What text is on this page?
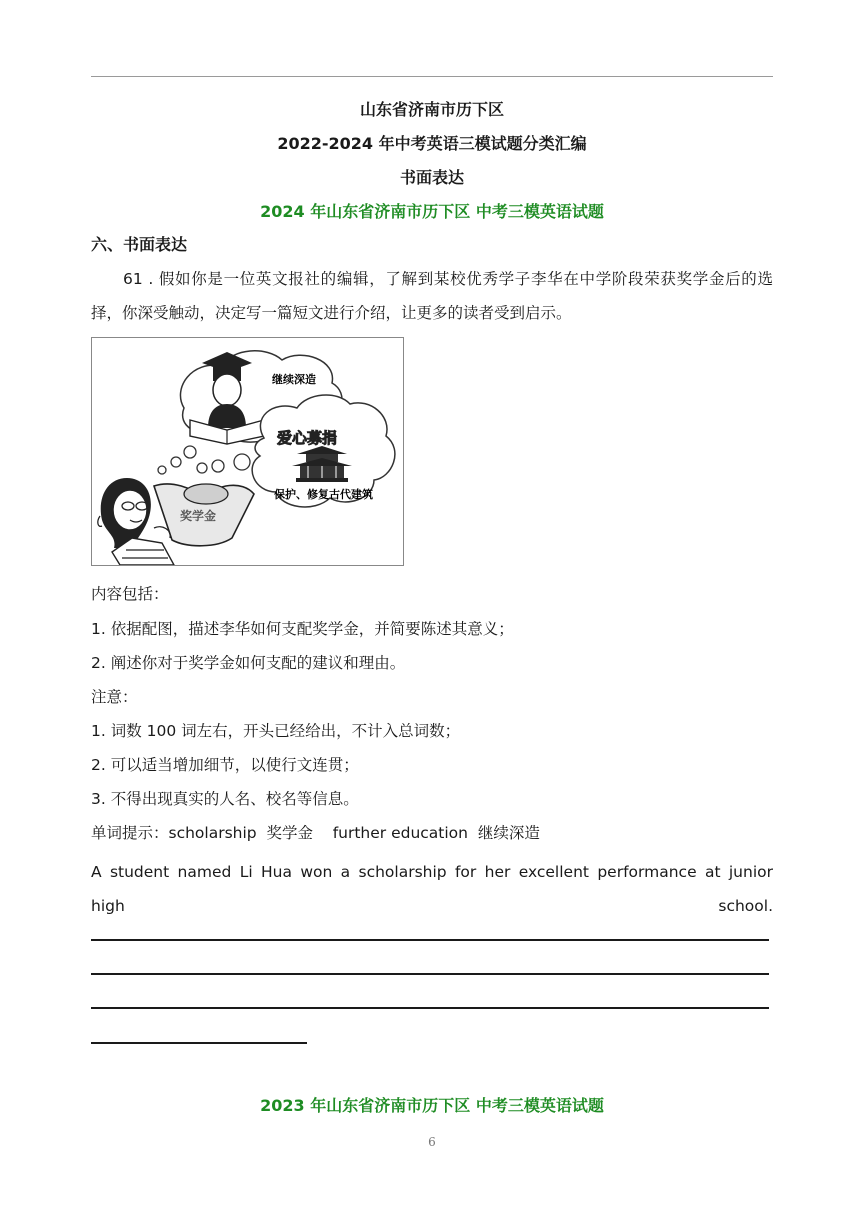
山东省济南市历下区
2022-2024 年中考英语三模试题分类汇编
书面表达
2024 年山东省济南市历下区 中考三模英语试题
六、书面表达
61 . 假如你是一位英文报社的编辑，了解到某校优秀学子李华在中学阶段荣获奖学金后的选择，你深受触动，决定写一篇短文进行介绍，让更多的读者受到启示。
继续深造
爱心募捐
保护、修复古代建筑
奖学金
内容包括：
1. 依据配图，描述李华如何支配奖学金，并简要陈述其意义；
2. 阐述你对于奖学金如何支配的建议和理由。
注意：
1. 词数 100 词左右，开头已经给出，不计入总词数；
2. 可以适当增加细节，以使行文连贯；
3. 不得出现真实的人名、校名等信息。
单词提示：scholarship  奖学金    further education  继续深造
A student named Li Hua won a scholarship for her excellent performance at junior
high	school.
2023 年山东省济南市历下区 中考三模英语试题
6
